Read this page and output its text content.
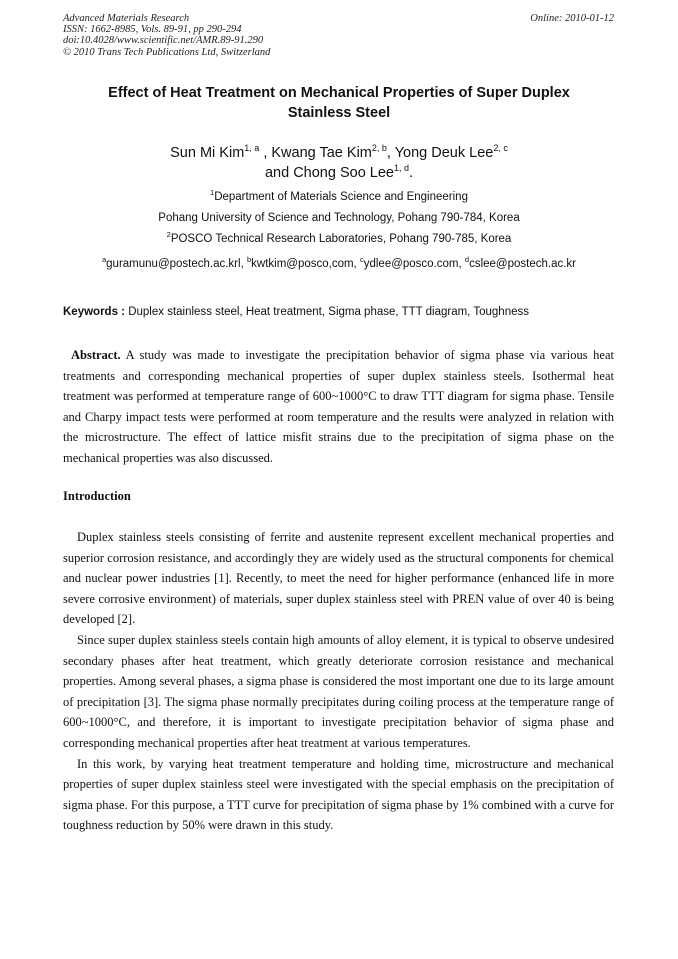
Advanced Materials Research
ISSN: 1662-8985, Vols. 89-91, pp 290-294
doi:10.4028/www.scientific.net/AMR.89-91.290
© 2010 Trans Tech Publications Ltd, Switzerland
Online: 2010-01-12
Effect of Heat Treatment on Mechanical Properties of Super Duplex
Stainless Steel
Sun Mi Kim$^{1, a}$ , Kwang Tae Kim$^{2, b}$, Yong Deuk Lee$^{2, c}$
and Chong Soo Lee$^{1, d}$.
$^1$Department of Materials Science and Engineering
Pohang University of Science and Technology, Pohang 790-784, Korea
$^2$POSCO Technical Research Laboratories, Pohang 790-785, Korea
$^a$guramunu@postech.ac.krl, $^b$kwtkim@posco,com, $^c$ydlee@posco.com, $^d$cslee@postech.ac.kr
Keywords : Duplex stainless steel, Heat treatment, Sigma phase, TTT diagram, Toughness
Abstract. A study was made to investigate the precipitation behavior of sigma phase via various heat treatments and corresponding mechanical properties of super duplex stainless steels. Isothermal heat treatment was performed at temperature range of 600~1000°C to draw TTT diagram for sigma phase. Tensile and Charpy impact tests were performed at room temperature and the results were analyzed in relation with the microstructure. The effect of lattice misfit strains due to the precipitation of sigma phase on the mechanical properties was also discussed.
Introduction

Duplex stainless steels consisting of ferrite and austenite represent excellent mechanical properties and superior corrosion resistance, and accordingly they are widely used as the structural components for chemical and nuclear power industries [1]. Recently, to meet the need for higher performance (enhanced life in more severe corrosive environment) of materials, super duplex stainless steel with PREN value of over 40 is being developed [2].

Since super duplex stainless steels contain high amounts of alloy element, it is typical to observe undesired secondary phases after heat treatment, which greatly deteriorate corrosion resistance and mechanical properties. Among several phases, a sigma phase is considered the most important one due to its large amount of precipitation [3]. The sigma phase normally precipitates during coiling process at the temperature range of 600~1000°C, and therefore, it is important to investigate precipitation behavior of sigma phase and corresponding mechanical properties after heat treatment at various temperatures.

In this work, by varying heat treatment temperature and holding time, microstructure and mechanical properties of super duplex stainless steel were investigated with the special emphasis on the precipitation of sigma phase. For this purpose, a TTT curve for precipitation of sigma phase by 1% combined with a curve for toughness reduction by 50% were drawn in this study.
